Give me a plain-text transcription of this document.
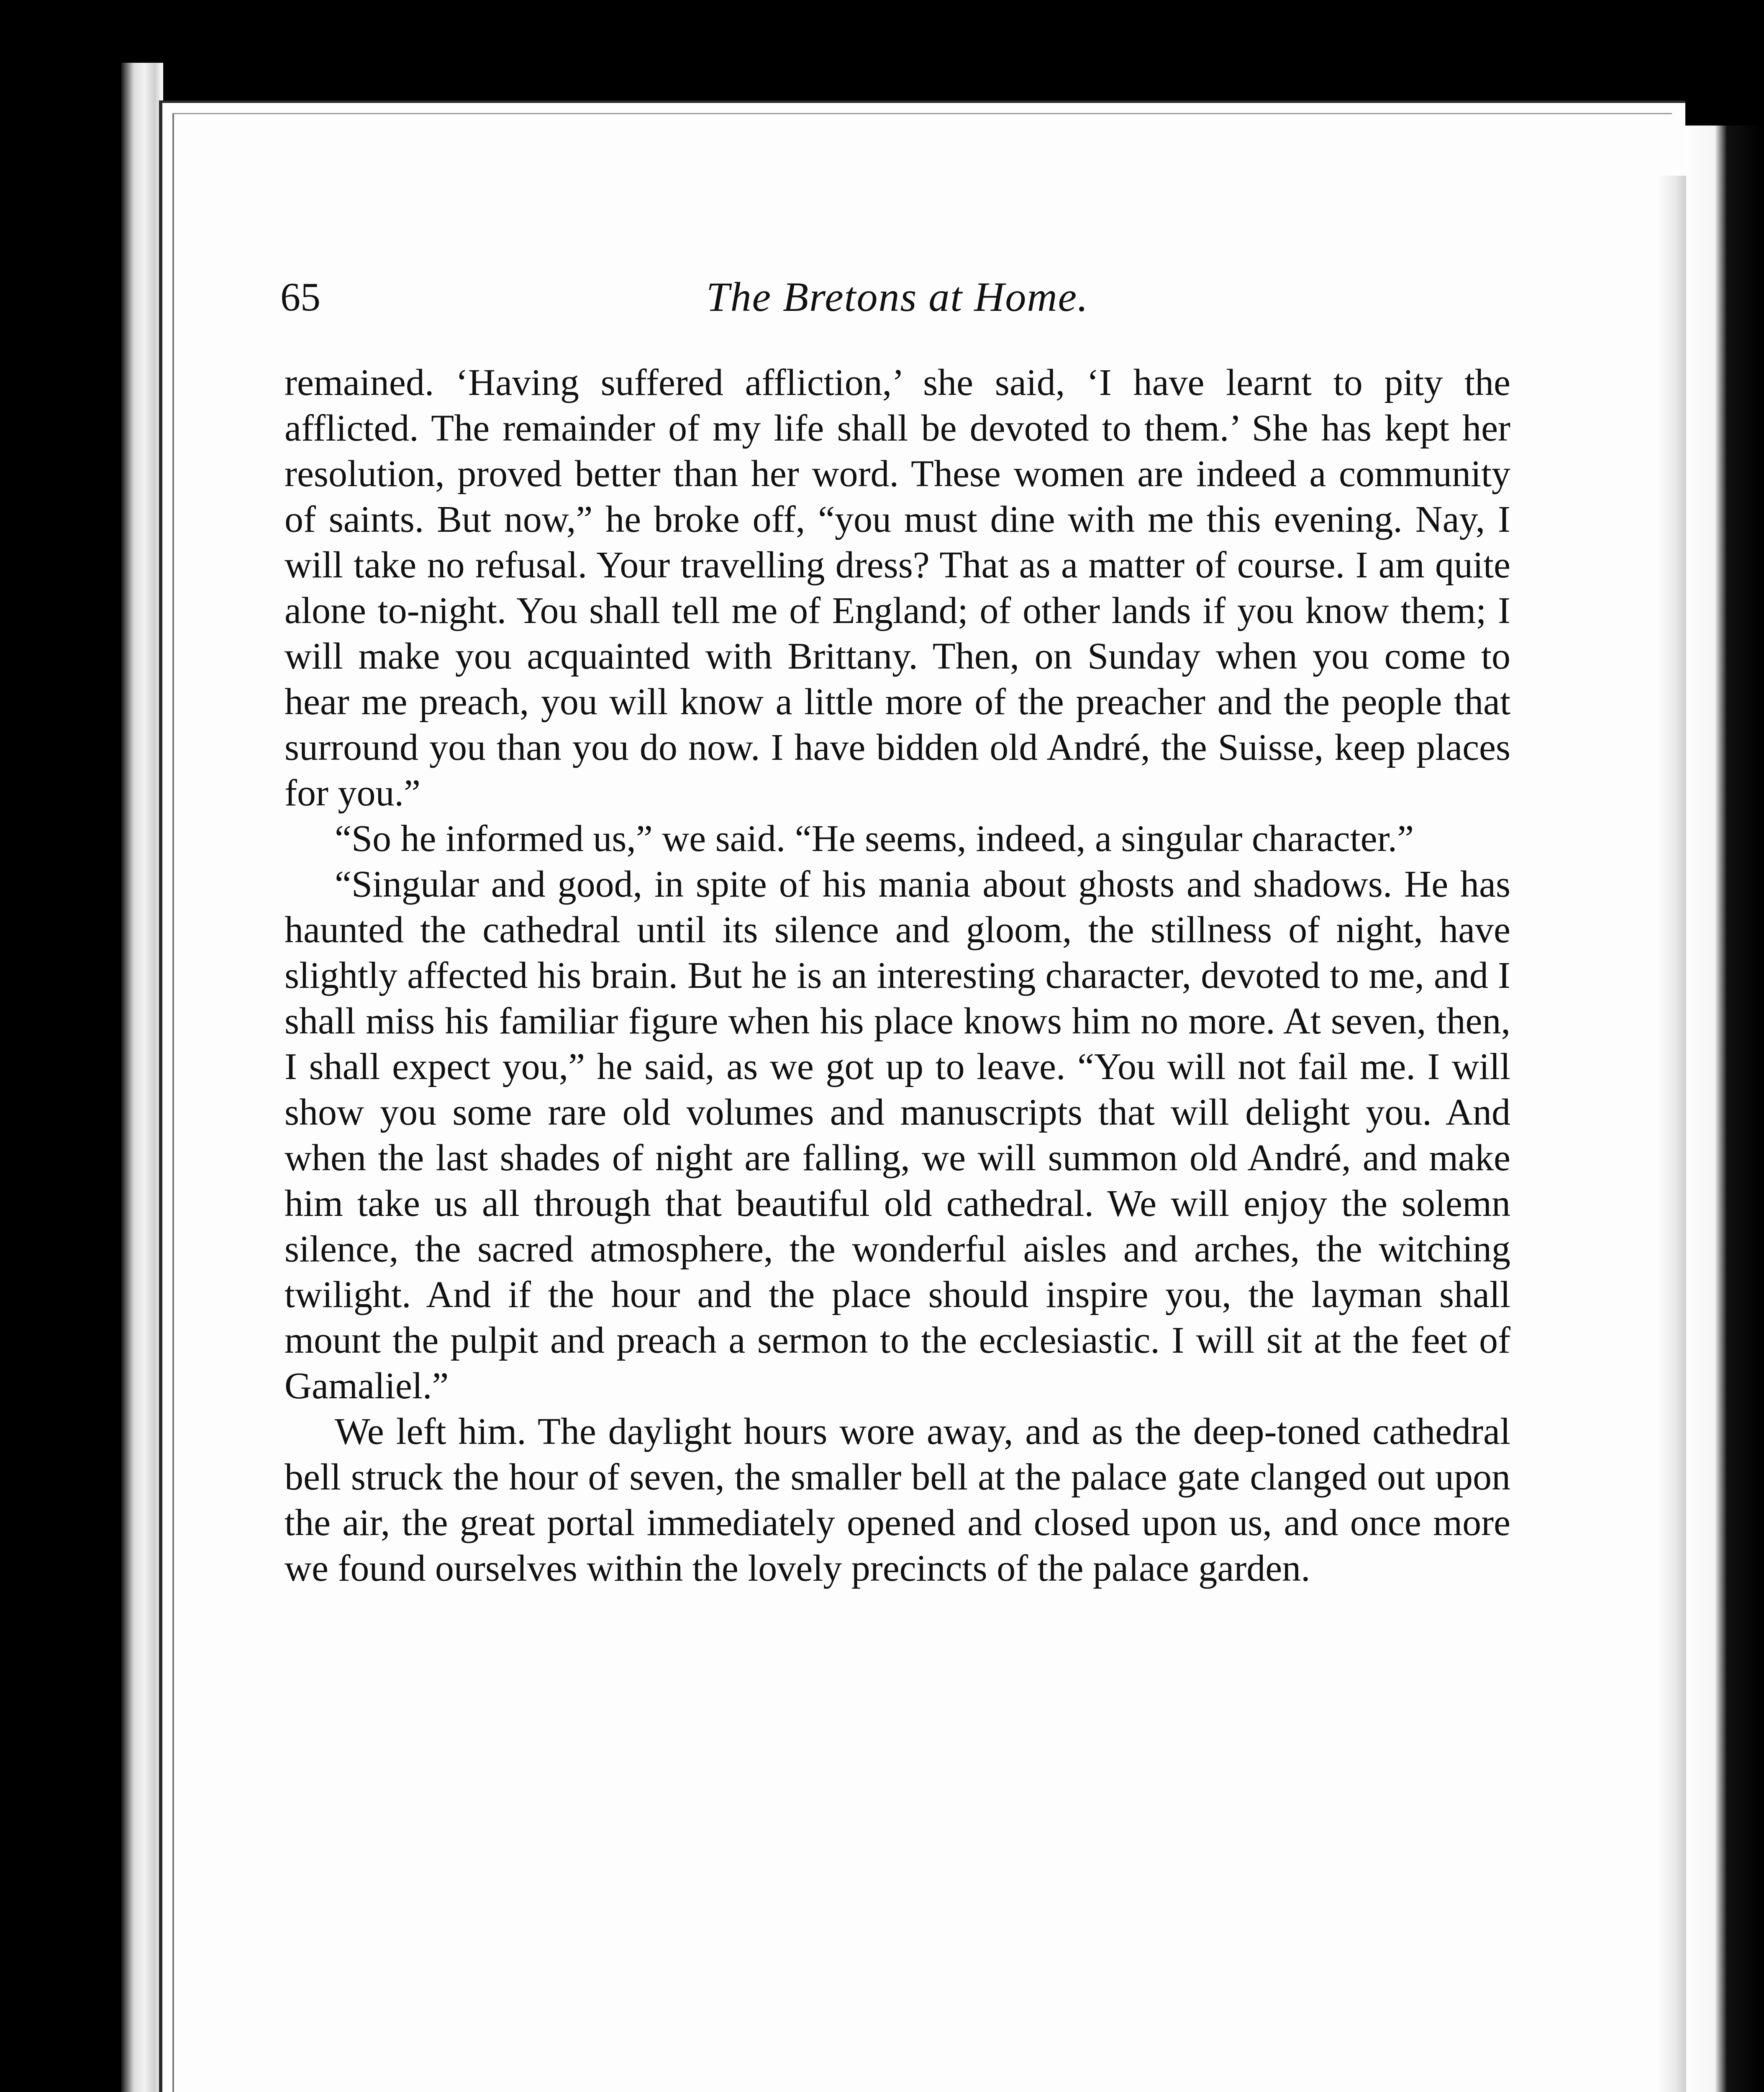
65	The Bretons at Home.

remained. ‘Having suffered affliction,’ she said, ‘I have learnt to pity the afflicted. The remainder of my life shall be devoted to them.’ She has kept her resolution, proved better than her word. These women are indeed a community of saints. But now,” he broke off, “you must dine with me this evening. Nay, I will take no refusal. Your travelling dress? That as a matter of course. I am quite alone to-night. You shall tell me of England; of other lands if you know them; I will make you acquainted with Brittany. Then, on Sunday when you come to hear me preach, you will know a little more of the preacher and the people that surround you than you do now. I have bidden old André, the Suisse, keep places for you.”

“So he informed us,” we said. “He seems, indeed, a singular character.”

“Singular and good, in spite of his mania about ghosts and shadows. He has haunted the cathedral until its silence and gloom, the stillness of night, have slightly affected his brain. But he is an interesting character, devoted to me, and I shall miss his familiar figure when his place knows him no more. At seven, then, I shall expect you,” he said, as we got up to leave. “You will not fail me. I will show you some rare old volumes and manuscripts that will delight you. And when the last shades of night are falling, we will summon old André, and make him take us all through that beautiful old cathedral. We will enjoy the solemn silence, the sacred atmosphere, the wonderful aisles and arches, the witching twilight. And if the hour and the place should inspire you, the layman shall mount the pulpit and preach a sermon to the ecclesiastic. I will sit at the feet of Gamaliel.”

We left him. The daylight hours wore away, and as the deep-toned cathedral bell struck the hour of seven, the smaller bell at the palace gate clanged out upon the air, the great portal immediately opened and closed upon us, and once more we found ourselves within the lovely precincts of the palace garden.
